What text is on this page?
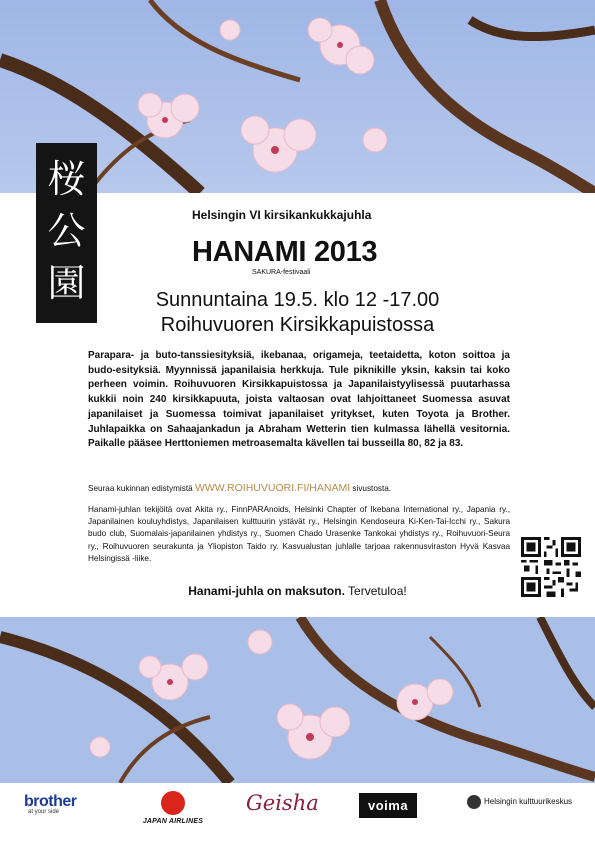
桜
公
園
Helsingin VI kirsikankukkajuhla
HANAMI 2013
SAKURA-festivaali
Sunnuntaina 19.5. klo 12 -17.00
Roihuvuoren Kirsikkapuistossa

Parapara- ja buto-tanssiesityksiä, ikebanaa, origameja, teetaidetta, koton soittoa ja budo-esityksiä. Myynnissä japanilaisia herkkuja. Tule piknikille yksin, kaksin tai koko perheen voimin. Roihuvuoren Kirsikkapuistossa ja Japanilaistyylisessä puutarhassa kukkii noin 240 kirsikkapuuta, joista valtaosan ovat lahjoittaneet Suomessa asuvat japanilaiset ja Suomessa toimivat japanilaiset yritykset, kuten Toyota ja Brother. Juhlapaikka on Sahaajankadun ja Abraham Wetterin tien kulmassa lähellä vesitornia. Paikalle pääsee Herttoniemen metroasemalta kävellen tai busseilla 80, 82 ja 83.

Seuraa kukinnan edistymistä WWW.ROIHUVUORI.FI/HANAMI sivustosta.

Hanami-juhlan tekijöitä ovat Akita ry., FinnPARAnoids, Helsinki Chapter of Ikebana International ry., Japania ry., Japanilainen kouluyhdistys, Japanilaisen kulttuurin ystävät ry., Helsingin Kendoseura Ki-Ken-Tai-Icchi ry., Sakura budo club, Suomalais-japanilainen yhdistys ry., Suomen Chado Urasenke Tankokai yhdistys ry., Roihuvuori-Seura ry., Roihuvuoren seurakunta ja Yliopiston Taido ry. Kasvualustan juhlalle tarjoaa rakennusviraston Hyvä Kasvaa Helsingissä -liike.

Hanami-juhla on maksuton. Tervetuloa!
brother
at your side
JAPAN AIRLINES
Geisha	voima	Helsingin kulttuurikeskus
